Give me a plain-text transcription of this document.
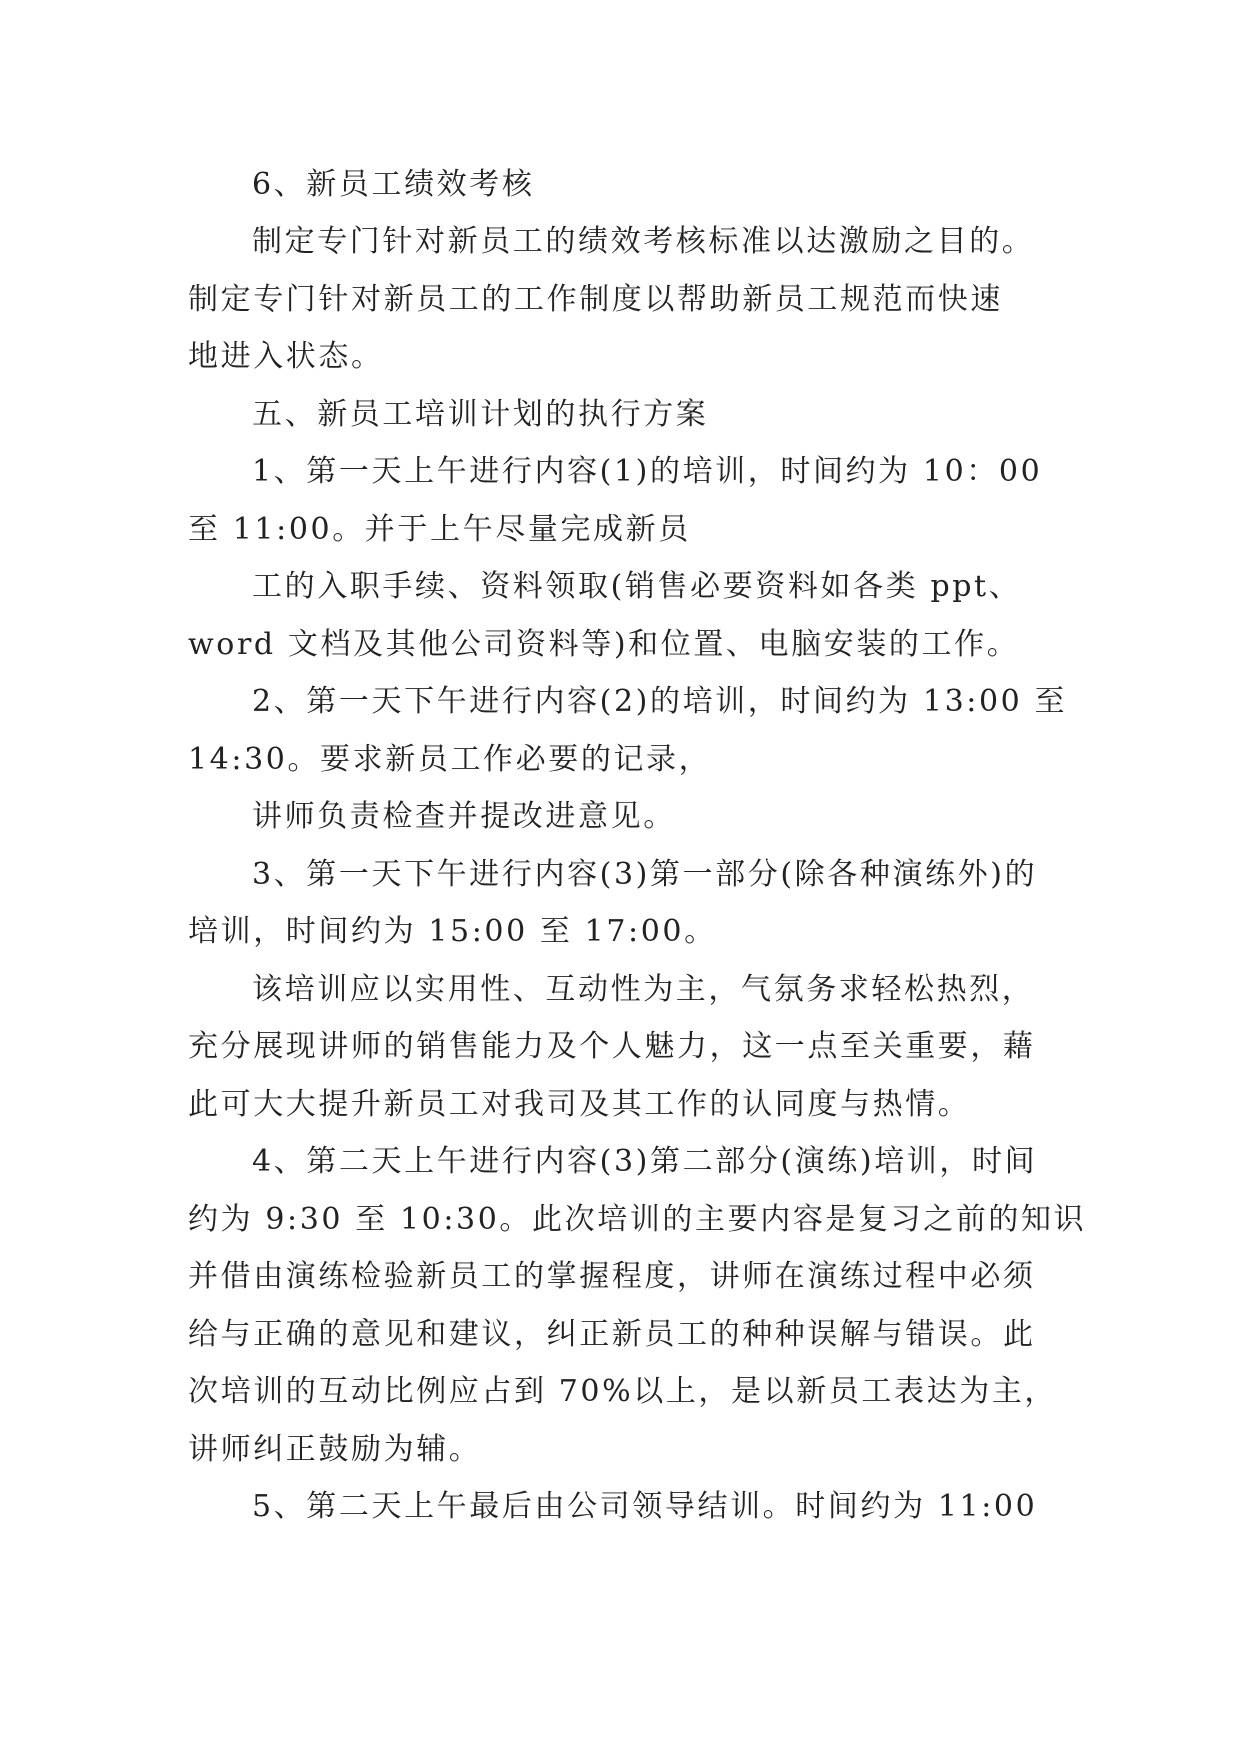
6、新员工绩效考核
制定专门针对新员工的绩效考核标准以达激励之目的。
制定专门针对新员工的工作制度以帮助新员工规范而快速
地进入状态。
五、新员工培训计划的执行方案
1、第一天上午进行内容(1)的培训，时间约为 10：00
至 11:00。并于上午尽量完成新员
工的入职手续、资料领取(销售必要资料如各类 ppt、
word 文档及其他公司资料等)和位置、电脑安装的工作。
2、第一天下午进行内容(2)的培训，时间约为 13:00 至
14:30。要求新员工作必要的记录，
讲师负责检查并提改进意见。
3、第一天下午进行内容(3)第一部分(除各种演练外)的
培训，时间约为 15:00 至 17:00。
该培训应以实用性、互动性为主，气氛务求轻松热烈，
充分展现讲师的销售能力及个人魅力，这一点至关重要，藉
此可大大提升新员工对我司及其工作的认同度与热情。
4、第二天上午进行内容(3)第二部分(演练)培训，时间
约为 9:30 至 10:30。此次培训的主要内容是复习之前的知识
并借由演练检验新员工的掌握程度，讲师在演练过程中必须
给与正确的意见和建议，纠正新员工的种种误解与错误。此
次培训的互动比例应占到 70%以上，是以新员工表达为主，
讲师纠正鼓励为辅。
5、第二天上午最后由公司领导结训。时间约为 11:00
